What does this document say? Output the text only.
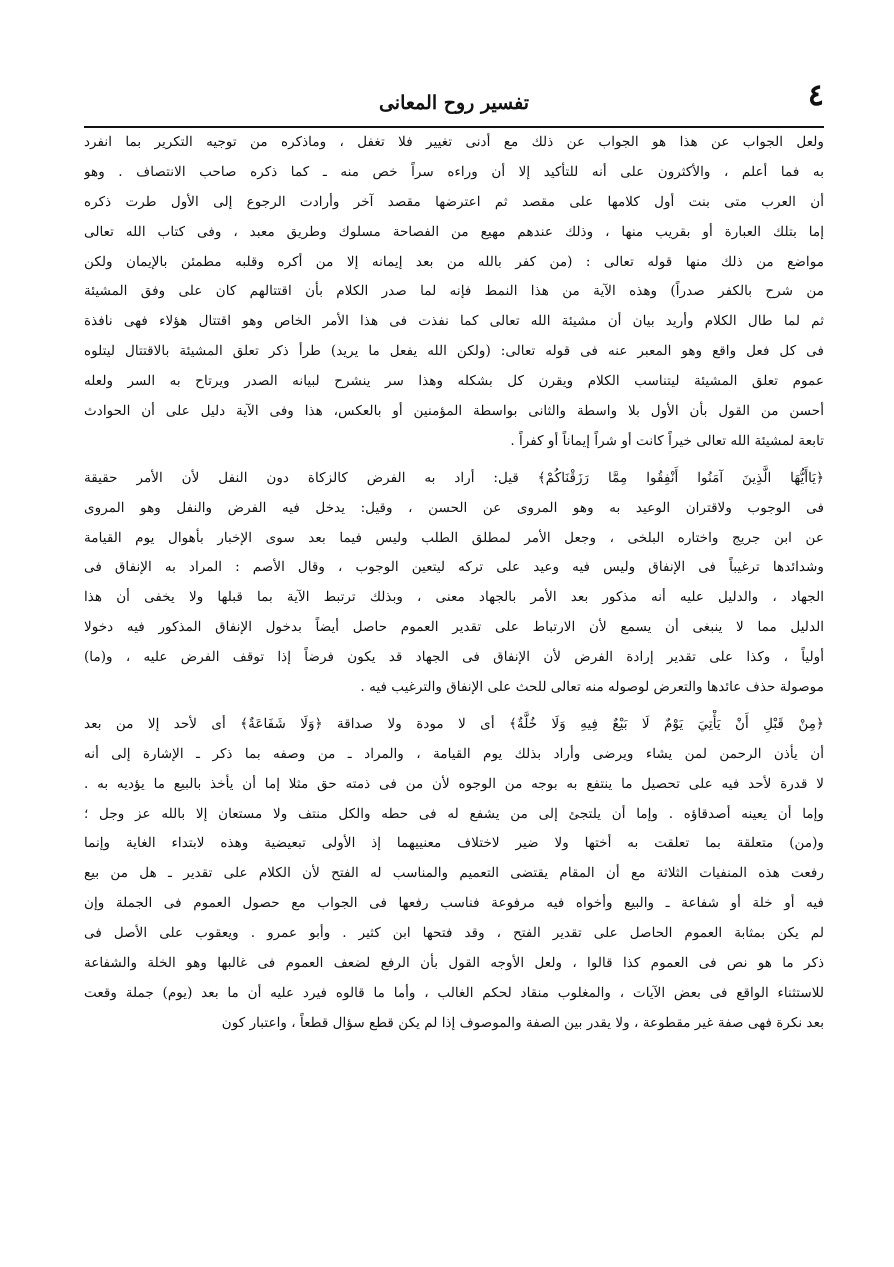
٤
تفسير روح المعانى
ولعل الجواب عن هذا هو الجواب عن ذلك مع أدنى تغيير فلا تغفل ، وماذكره من توجيه التكرير بما انفرد
به فما أعلم ، والأكثرون على أنه للتأكيد إلا أن وراءه سراً خص منه ـ كما ذكره صاحب الانتصاف . وهو
أن العرب متى بنت أول كلامها على مقصد ثم اعترضها مقصد آخر وأرادت الرجوع إلى الأول طرت ذكره
إما بتلك العبارة أو بقريب منها ، وذلك عندهم مهيع من الفصاحة مسلوك وطريق معبد ، وفى كتاب الله تعالى
مواضع من ذلك منها قوله تعالى : (من كفر بالله من بعد إيمانه إلا من أكره وقلبه مطمئن بالإيمان ولكن
من شرح بالكفر صدراً) وهذه الآية من هذا النمط فإنه لما صدر الكلام بأن اقتتالهم كان على وفق المشيئة
ثم لما طال الكلام وأريد بيان أن مشيئة الله تعالى كما نفذت فى هذا الأمر الخاص وهو اقتتال هؤلاء فهى نافذة
فى كل فعل واقع وهو المعبر عنه فى قوله تعالى: (ولكن الله يفعل ما يريد) طرأ ذكر تعلق المشيئة بالاقتتال ليتلوه
عموم تعلق المشيئة ليتناسب الكلام ويقرن كل بشكله وهذا سر ينشرح لبيانه الصدر ويرتاح به السر ولعله
أحسن من القول بأن الأول بلا واسطة والثانى بواسطة المؤمنين أو بالعكس، هذا وفى الآية دليل على أن الحوادث
تابعة لمشيئة الله تعالى خيراً كانت أو شراً إيماناً أو كفراً .
﴿يَاأَيُّهَا الَّذِينَ آمَنُوا أَنْفِقُوا مِمَّا رَزَقْنَاكُمْ﴾ قيل: أراد به الفرض كالزكاة دون النفل لأن الأمر حقيقة
فى الوجوب ولاقتران الوعيد به وهو المروى عن الحسن ، وقيل: يدخل فيه الفرض والنفل وهو المروى
عن ابن جريج واختاره البلخى ، وجعل الأمر لمطلق الطلب وليس فيما بعد سوى الإخبار بأهوال يوم القيامة
وشدائدها ترغيباً فى الإنفاق وليس فيه وعيد على تركه ليتعين الوجوب ، وقال الأصم : المراد به الإنفاق فى
الجهاد ، والدليل عليه أنه مذكور بعد الأمر بالجهاد معنى ، وبذلك ترتبط الآية بما قبلها ولا يخفى أن هذا
الدليل مما لا ينبغى أن يسمع لأن الارتباط على تقدير العموم حاصل أيضاً بدخول الإنفاق المذكور فيه دخولا
أولياً ، وكذا على تقدير إرادة الفرض لأن الإنفاق فى الجهاد قد يكون فرضاً إذا توقف الفرض عليه ، و(ما)
موصولة حذف عائدها والتعرض لوصوله منه تعالى للحث على الإنفاق والترغيب فيه .
﴿مِنْ قَبْلِ أَنْ يَأْتِيَ يَوْمٌ لَا بَيْعٌ فِيهِ وَلَا خُلَّةٌ﴾ أى لا مودة ولا صداقة ﴿وَلَا شَفَاعَةٌ﴾ أى لأحد إلا من بعد
أن يأذن الرحمن لمن يشاء ويرضى وأراد بذلك يوم القيامة ، والمراد ـ من وصفه بما ذكر ـ الإشارة إلى أنه
لا قدرة لأحد فيه على تحصيل ما ينتفع به بوجه من الوجوه لأن من فى ذمته حق مثلا إما أن يأخذ بالبيع ما يؤديه به .
وإما أن يعينه أصدقاؤه . وإما أن يلتجئ إلى من يشفع له فى حطه والكل منتف ولا مستعان إلا بالله عز وجل ؛
و(من) متعلقة بما تعلقت به أختها ولا ضير لاختلاف معنييهما إذ الأولى تبعيضية وهذه لابتداء الغاية وإنما
رفعت هذه المنفيات الثلاثة مع أن المقام يقتضى التعميم والمناسب له الفتح لأن الكلام على تقدير ـ هل من بيع
فيه أو خلة أو شفاعة ـ والبيع وأخواه فيه مرفوعة فناسب رفعها فى الجواب مع حصول العموم فى الجملة وإن
لم يكن بمثابة العموم الحاصل على تقدير الفتح ، وقد فتحها ابن كثير . وأبو عمرو . ويعقوب على الأصل فى
ذكر ما هو نص فى العموم كذا قالوا ، ولعل الأوجه القول بأن الرفع لضعف العموم فى غالبها وهو الخلة والشفاعة
للاستثناء الواقع فى بعض الآيات ، والمغلوب منقاد لحكم الغالب ، وأما ما قالوه فيرد عليه أن ما بعد (يوم) جملة وقعت
بعد نكرة فهى صفة غير مقطوعة ، ولا يقدر بين الصفة والموصوف إذا لم يكن قطع سؤال قطعاً ، واعتبار كون
